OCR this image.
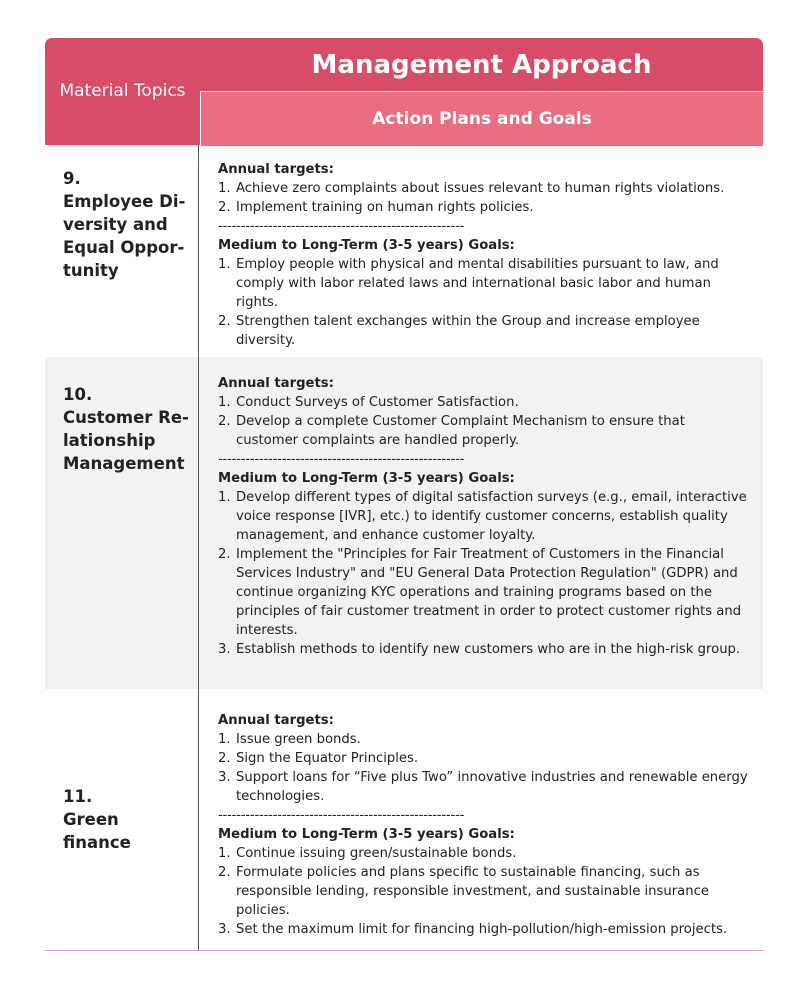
Material Topics
Management Approach
Action Plans and Goals
9.
Employee Di-
versity and
Equal Oppor-
tunity
Annual targets:
1. Achieve zero complaints about issues relevant to human rights violations.
2. Implement training on human rights policies.
------------------------------------------------------
Medium to Long-Term (3-5 years) Goals:
1. Employ people with physical and mental disabilities pursuant to law, and comply with labor related laws and international basic labor and human rights.
2. Strengthen talent exchanges within the Group and increase employee diversity.
10.
Customer Re-
lationship
Management
Annual targets:
1. Conduct Surveys of Customer Satisfaction.
2. Develop a complete Customer Complaint Mechanism to ensure that customer complaints are handled properly.
------------------------------------------------------
Medium to Long-Term (3-5 years) Goals:
1. Develop different types of digital satisfaction surveys (e.g., email, interactive voice response [IVR], etc.) to identify customer concerns, establish quality management, and enhance customer loyalty.
2. Implement the "Principles for Fair Treatment of Customers in the Financial Services Industry" and "EU General Data Protection Regulation" (GDPR) and continue organizing KYC operations and training programs based on the principles of fair customer treatment in order to protect customer rights and interests.
3. Establish methods to identify new customers who are in the high-risk group.
11.
Green finance
Annual targets:
1. Issue green bonds.
2. Sign the Equator Principles.
3. Support loans for “Five plus Two” innovative industries and renewable energy technologies.
------------------------------------------------------
Medium to Long-Term (3-5 years) Goals:
1. Continue issuing green/sustainable bonds.
2. Formulate policies and plans specific to sustainable financing, such as responsible lending, responsible investment, and sustainable insurance policies.
3. Set the maximum limit for financing high-pollution/high-emission projects.
